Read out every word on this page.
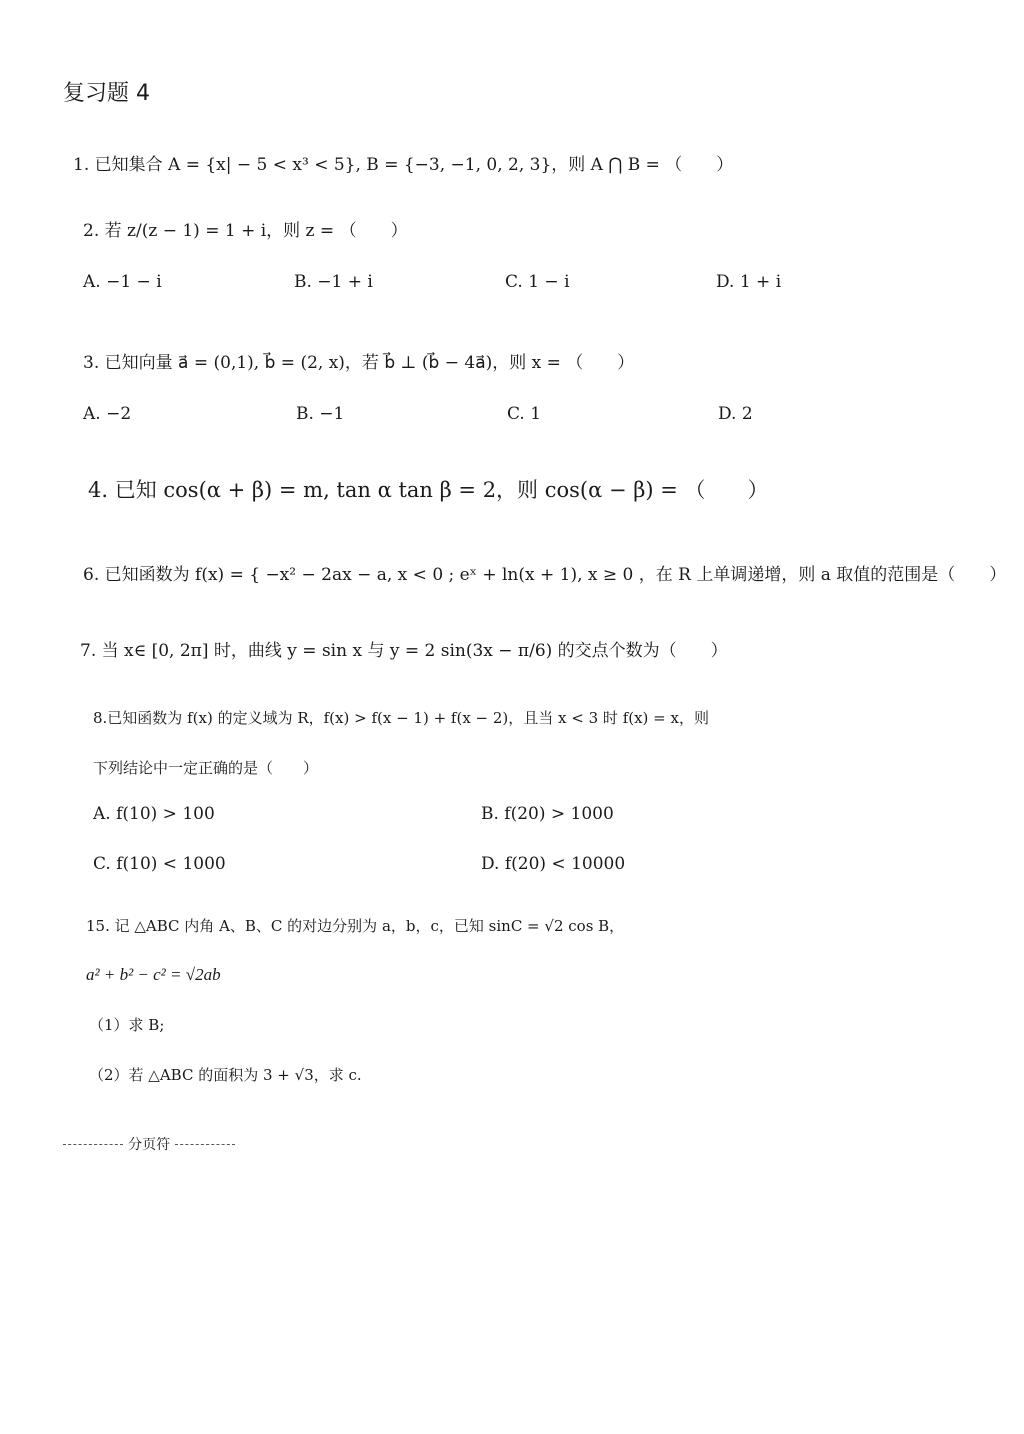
复习题 4
1. 已知集合 A = {x| − 5 < x³ < 5}, B = {−3, −1, 0, 2, 3}，则 A ⋂ B = （　　）
2. 若 z/(z − 1) = 1 + i，则 z = （　　）
A. −1 − i	B. −1 + i	C. 1 − i	D. 1 + i
3. 已知向量 a⃗ = (0,1), b⃗ = (2, x)，若 b⃗ ⊥ (b⃗ − 4a⃗)，则 x = （　　）
A. −2	B. −1	C. 1	D. 2
4. 已知 cos(α + β) = m, tan α tan β = 2，则 cos(α − β) = （　　）
6. 已知函数为 f(x) = { −x² − 2ax − a, x < 0 ; eˣ + ln(x + 1), x ≥ 0 ，在 R 上单调递增，则 a 取值的范围是（　　）
7. 当 x∈ [0, 2π] 时，曲线 y = sin x 与 y = 2 sin(3x − π/6) 的交点个数为（　　）
8.已知函数为 f(x) 的定义域为 R，f(x) > f(x − 1) + f(x − 2)，且当 x < 3 时 f(x) = x，则
下列结论中一定正确的是（　　）
A. f(10) > 100	B. f(20) > 1000
C. f(10) < 1000	D. f(20) < 10000
15. 记 △ABC 内角 A、B、C 的对边分别为 a，b，c，已知 sinC = √2 cos B，
a² + b² − c² = √2ab
（1）求 B;
（2）若 △ABC 的面积为 3 + √3，求 c.
分页符
